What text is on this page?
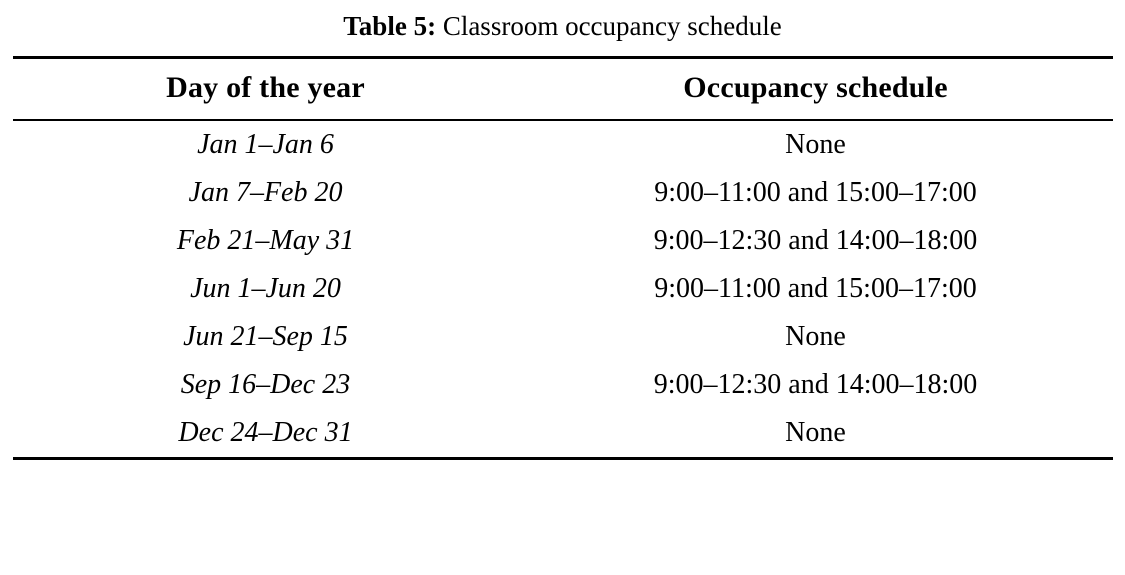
Table 5: Classroom occupancy schedule

Day of the year	Occupancy schedule

Jan 1–Jan 6	None
Jan 7–Feb 20	9:00–11:00 and 15:00–17:00
Feb 21–May 31	9:00–12:30 and 14:00–18:00
Jun 1–Jun 20	9:00–11:00 and 15:00–17:00
Jun 21–Sep 15	None
Sep 16–Dec 23	9:00–12:30 and 14:00–18:00
Dec 24–Dec 31	None
